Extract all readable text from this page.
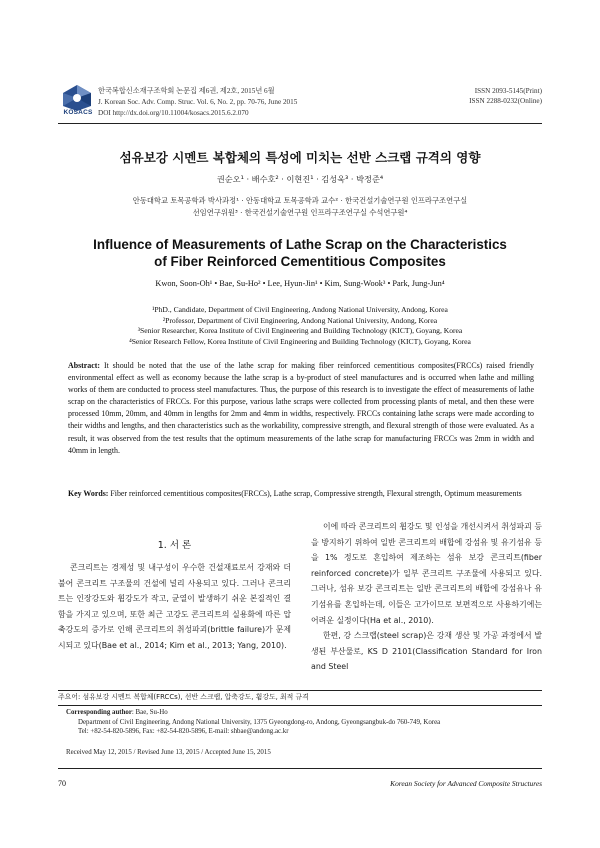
KOSACS
한국복합신소재구조학회 논문집 제6권, 제2호, 2015년 6월
J. Korean Soc. Adv. Comp. Struc. Vol. 6, No. 2, pp. 70-76, June 2015
DOI http://dx.doi.org/10.11004/kosacs.2015.6.2.070
ISSN 2093-5145(Print)
ISSN 2288-0232(Online)
섬유보강 시멘트 복합체의 특성에 미치는 선반 스크랩 규격의 영향
권순오¹ · 배수호² · 이현진¹ · 김성욱³ · 박정준⁴
안동대학교 토목공학과 박사과정¹ · 안동대학교 토목공학과 교수² · 한국건설기술연구원 인프라구조연구실
선임연구위원³ · 한국건설기술연구원 인프라구조연구실 수석연구원⁴
Influence of Measurements of Lathe Scrap on the Characteristics
of Fiber Reinforced Cementitious Composites
Kwon, Soon-Oh¹ • Bae, Su-Ho² • Lee, Hyun-Jin¹ • Kim, Sung-Wook³ • Park, Jung-Jun⁴
¹PhD., Candidate, Department of Civil Engineering, Andong National University, Andong, Korea
²Professor, Department of Civil Engineering, Andong National University, Andong, Korea
³Senior Researcher, Korea Institute of Civil Engineering and Building Technology (KICT), Goyang, Korea
⁴Senior Research Fellow, Korea Institute of Civil Engineering and Building Technology (KICT), Goyang, Korea
Abstract: It should be noted that the use of the lathe scrap for making fiber reinforced cementitious composites(FRCCs) raised friendly environmental effect as well as economy because the lathe scrap is a by-product of steel manufactures and is occurred when lathe and milling works of them are conducted to process steel manufactures. Thus, the purpose of this research is to investigate the effect of measurements of lathe scrap on the characteristics of FRCCs. For this purpose, various lathe scraps were collected from processing plants of metal, and then these were processed 10mm, 20mm, and 40mm in lengths for 2mm and 4mm in widths, respectively. FRCCs containing lathe scraps were made according to their widths and lengths, and then characteristics such as the workability, compressive strength, and flexural strength of those were evaluated. As a result, it was observed from the test results that the optimum measurements of the lathe scrap for manufacturing FRCCs was 2mm in width and 40mm in length.
Key Words: Fiber reinforced cementitious composites(FRCCs), Lathe scrap, Compressive strength, Flexural strength, Optimum measurements
1. 서 론

콘크리트는 경제성 및 내구성이 우수한 건설재료로서 강재와 더불어 콘크리트 구조물의 건설에 널리 사용되고 있다. 그러나 콘크리트는 인장강도와 휨강도가 작고, 균열이 발생하기 쉬운 본질적인 결함을 가지고 있으며, 또한 최근 고강도 콘크리트의 실용화에 따른 압축강도의 증가로 인해 콘크리트의 취성파괴(brittle failure)가 문제시되고 있다(Bae et al., 2014; Kim et al., 2013; Yang, 2010).

이에 따라 콘크리트의 휨강도 및 인성을 개선시켜서 취성파괴 등을 방지하기 위하여 일반 콘크리트의 배합에 강섬유 및 유기섬유 등을 1% 정도로 혼입하여 제조하는 섬유 보강 콘크리트(fiber reinforced concrete)가 일부 콘크리트 구조물에 사용되고 있다. 그러나, 섬유 보강 콘크리트는 일반 콘크리트의 배합에 강섬유나 유기섬유를 혼입하는데, 이들은 고가이므로 보편적으로 사용하기에는 어려운 실정이다(Ha et al., 2010).

한편, 강 스크랩(steel scrap)은 강재 생산 및 가공 과정에서 발생된 부산물로, KS D 2101(Classification Standard for Iron and Steel

주요어: 섬유보강 시멘트 복합체(FRCCs), 선반 스크랩, 압축강도, 휨강도, 최적 규격
Corresponding author: Bae, Su-Ho
Department of Civil Engineering, Andong National University, 1375 Gyeongdong-ro, Andong, Gyeongsangbuk-do 760-749, Korea
Tel: +82-54-820-5896, Fax: +82-54-820-5896, E-mail: shbae@andong.ac.kr
Received May 12, 2015 / Revised June 13, 2015 / Accepted June 15, 2015
70	Korean Society for Advanced Composite Structures
